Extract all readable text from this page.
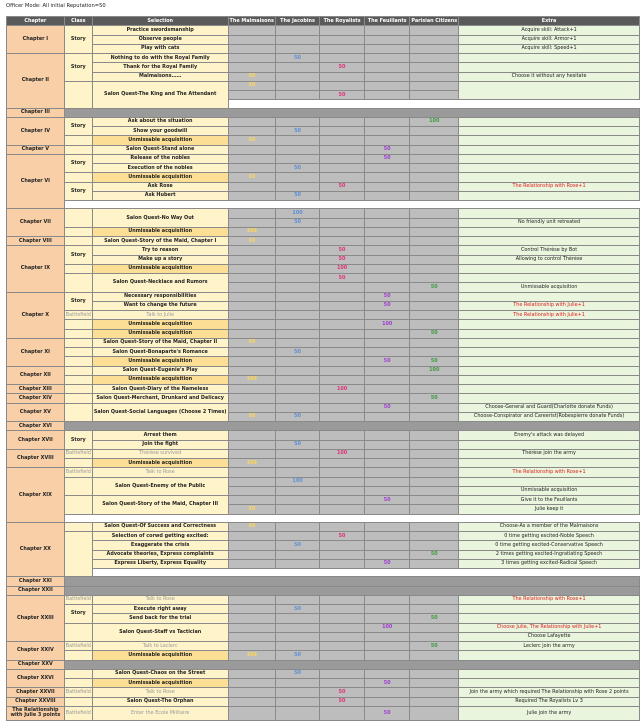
Officer Mode: All initial Reputation=50
Chapter	Class	Selection	The Malmaisons	The Jacobins	The Royalists	The Feuillants	Parisian Citizens	Extra
Chapter I	Story	Practice swordsmanship						Acquire skill: Attack+1
		Observe people						Acquire skill: Armor+1
		Play with cats						Acquire skill: Speed+1
Chapter II	Story	Nothing to do with the Royal Family		50				
		Thank for the Royal Family			50			
		Malmaisons……	50					Choose it without any hesitate
		Salon Quest-The King and The Attendant	50					
					50			

Chapter III								
Chapter IV	Story	Ask about the situation					100	
		Show your goodwill		50				
		Unmissable acquisition	50					
Chapter V		Salon Quest-Stand alone				50		
Chapter VI	Story	Release of the nobles				50		
		Execution of the nobles		50				
		Unmissable acquisition	50					
	Story	Ask Rose			50			The Relationship with Rose+1
		Ask Hubert		50				

Chapter VII		Salon Quest-No Way Out		100				
				50				No friendly unit retreated
		Unmissable acquisition	100					
Chapter VIII		Salon Quest-Story of the Maid, Chapter I	50					
Chapter IX	Story	Try to reason			50			Control Thérèse by Bot
		Make up a story			50			Allowing to control Thérèse
		Unmissable acquisition			100			
		Salon Quest-Necklace and Rumors			50			
							50	Unmissable acquisition
Chapter X	Story	Necessary responsibilities				50		
		Want to change the future				50		The Relationship with Julie+1
	Battlefield	Talk to Julie						The Relationship with Julie+1
		Unmissable acquisition				100		
		Unmissable acquisition					50	
Chapter XI		Salon Quest-Story of the Maid, Chapter II	50					
		Salon Quest-Bonaparte's Romance		50				
		Unmissable acquisition				50	50	
Chapter XII		Salon Quest-Eugénie's Play					100	
		Unmissable acquisition	100					
Chapter XIII		Salon Quest-Diary of the Nameless			100			
Chapter XIV		Salon Quest-Merchant, Drunkard and Delicacy					50	
Chapter XV		Salon Quest-Social Languages (Choose 2 Times)				50		Choose-General and Guard(Charlotte donate Funds)
			50	50				Choose-Conspirator and Careerist(Robespierre donate Funds)
Chapter XVI								
Chapter XVII	Story	Arrest them						Enemy's attack was delayed
		Join the fight		50				
Chapter XVIII	Battlefield	Thérèse survived			100			Thérèse join the army
		Unmissable acquisition	100					
Chapter XIX	Battlefield	Talk to Rose						The Relationship with Rose+1
		Salon Quest-Enemy of the Public		100				
								Unmissable acquisition
		Salon Quest-Story of the Maid, Chapter III				50		Give it to the Feuillants
			50					Julie keep it

Chapter XX		Salon Quest-Of Success and Correctness	50					Choose-As a member of the Malmaisons
		Selection of corwd getting excited:			50			0 time getting excited-Noble Speech
		Exaggerate the crisis		50				0 time getting excited-Conservative Speech
		Advocate theories, Express complaints					50	2 times getting excited-Ingratiating Speech
		Express Liberty, Express Equality				50		3 times getting excited-Radical Speech

Chapter XXI								
Chapter XXII								
Chapter XXIII	Battlefield	Talk to Rose						The Relationship with Rose+1
	Story	Execute right away		50				
		Send back for the trial					50	
		Salon Quest-Staff vs Tactician				100		Choose Julie, The Relationship with Julie+1
								Choose Lafayette
Chapter XXIV	Battlefield	Talk to Leclerc					50	Leclerc join the army
		Unmissable acquisition	100	50				
Chapter XXV								
Chapter XXVI		Salon Quest-Chaos on the Street		50				
		Unmissable acquisition				50		
Chapter XXVII	Battlefield	Talk to Rose			50			Join the army which required The Relationship with Rose 2 points
Chapter XXVIII		Salon Quest-The Orphan			50			Required The Royalists Lv 3
The Relationship with Julie 3 points	Battlefield	Enter the Ecole Militaire				50		Julie join the army
